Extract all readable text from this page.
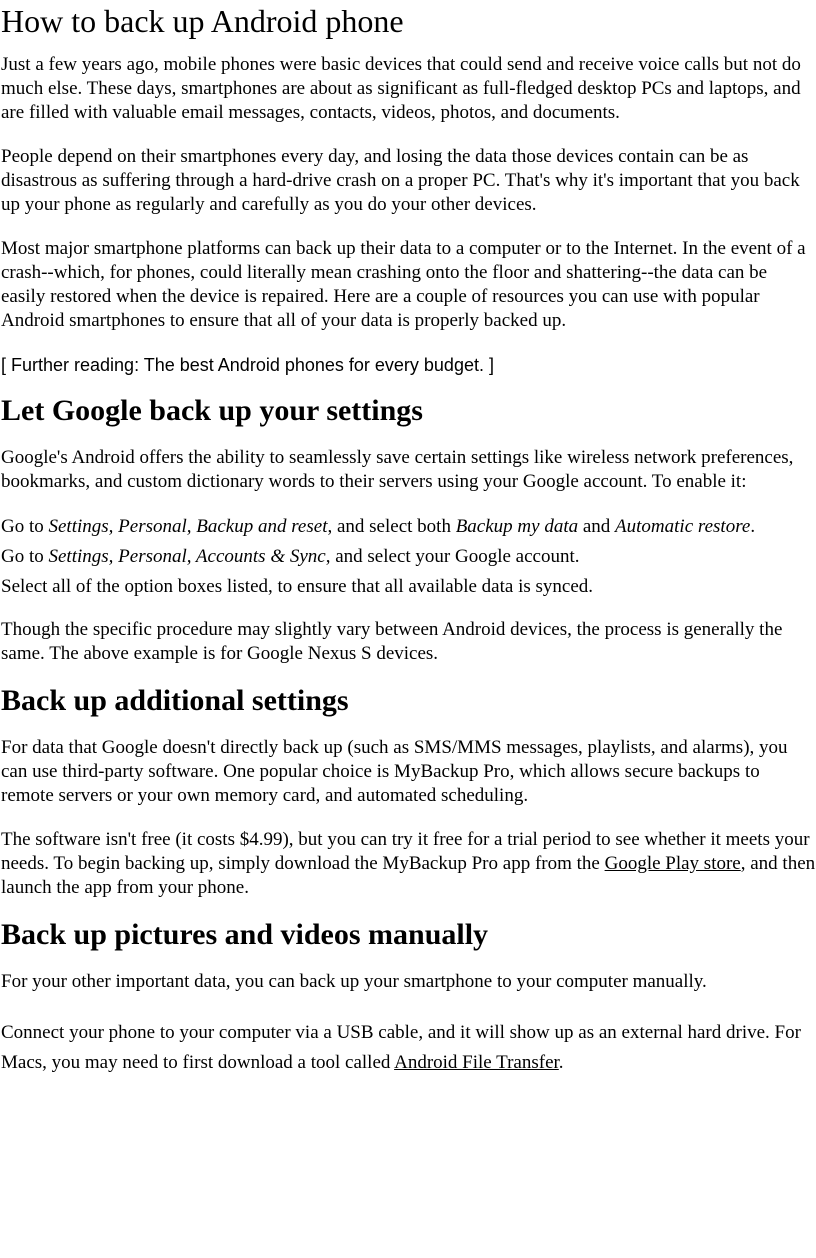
How to back up Android phone

Just a few years ago, mobile phones were basic devices that could send and receive voice calls but not do much else. These days, smartphones are about as significant as full-fledged desktop PCs and laptops, and are filled with valuable email messages, contacts, videos, photos, and documents.

People depend on their smartphones every day, and losing the data those devices contain can be as disastrous as suffering through a hard-drive crash on a proper PC. That's why it's important that you back up your phone as regularly and carefully as you do your other devices.

Most major smartphone platforms can back up their data to a computer or to the Internet. In the event of a crash--which, for phones, could literally mean crashing onto the floor and shattering--the data can be easily restored when the device is repaired. Here are a couple of resources you can use with popular Android smartphones to ensure that all of your data is properly backed up.

[ Further reading: The best Android phones for every budget. ]

Let Google back up your settings

Google's Android offers the ability to seamlessly save certain settings like wireless network preferences, bookmarks, and custom dictionary words to their servers using your Google account. To enable it:

Go to Settings, Personal, Backup and reset, and select both Backup my data and Automatic restore.

Go to Settings, Personal, Accounts & Sync, and select your Google account.

Select all of the option boxes listed, to ensure that all available data is synced.

Though the specific procedure may slightly vary between Android devices, the process is generally the same. The above example is for Google Nexus S devices.

Back up additional settings

For data that Google doesn't directly back up (such as SMS/MMS messages, playlists, and alarms), you can use third-party software. One popular choice is MyBackup Pro, which allows secure backups to remote servers or your own memory card, and automated scheduling.

The software isn't free (it costs $4.99), but you can try it free for a trial period to see whether it meets your needs. To begin backing up, simply download the MyBackup Pro app from the Google Play store, and then launch the app from your phone.

Back up pictures and videos manually

For your other important data, you can back up your smartphone to your computer manually.

Connect your phone to your computer via a USB cable, and it will show up as an external hard drive. For Macs, you may need to first download a tool called Android File Transfer.
